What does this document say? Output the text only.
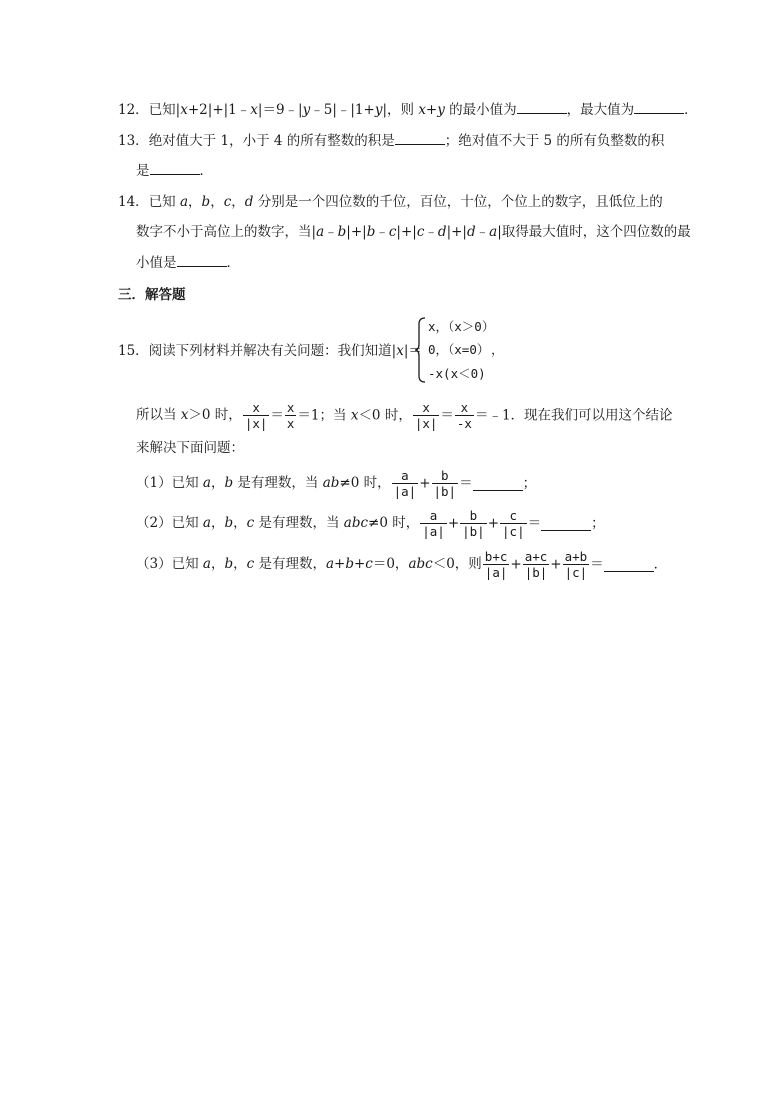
12．已知|x+2|+|1﹣x|＝9﹣|y﹣5|﹣|1+y|，则 x+y 的最小值为	，最大值为	．
13．绝对值大于 1，小于 4 的所有整数的积是	；绝对值不大于 5 的所有负整数的积
是	．
14．已知 a，b，c，d 分别是一个四位数的千位，百位，十位，个位上的数字，且低位上的
数字不小于高位上的数字，当|a﹣b|+|b﹣c|+|c﹣d|+|d﹣a|取得最大值时，这个四位数的最
小值是	．
三．解答题
15．阅读下列材料并解决有关问题：我们知道|x|＝
x，（x＞0）
0，（x=0） ，
-x(x＜0)
所以当 x＞0 时， $\frac{x}{|x|} = \frac{x}{x} =1$；当 x＜0 时， $\frac{x}{|x|} = \frac{x}{-x}$ ＝﹣1．现在我们可以用这个结论
来解决下面问题：
（1）已知 a，b 是有理数，当 ab≠0 时， $\frac{a}{|a|} + \frac{b}{|b|}$ ＝	；
（2）已知 a，b，c 是有理数，当 abc≠0 时， $\frac{a}{|a|} + \frac{b}{|b|} + \frac{c}{|c|}$ ＝	；
（3）已知 a，b，c 是有理数，a+b+c＝0，abc＜0，则 $\frac{b+c}{|a|} + \frac{a+c}{|b|} + \frac{a+b}{|c|}$ ＝	．
